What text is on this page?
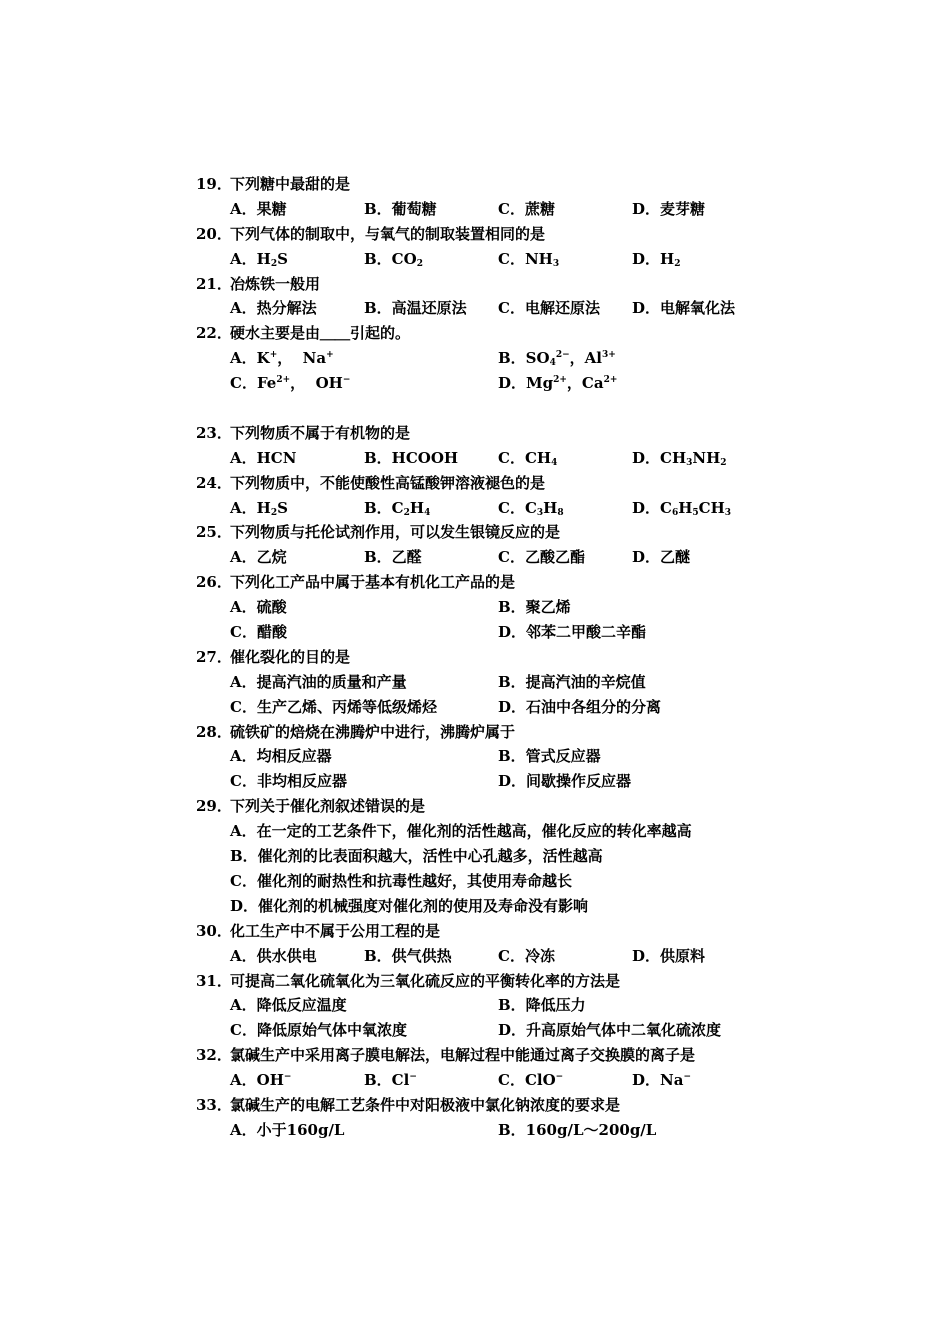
19．下列糖中最甜的是
A．果糖	B．葡萄糖	C．蔗糖	D．麦芽糖
20．下列气体的制取中，与氧气的制取装置相同的是
A．$H_2S$	B．$CO_2$	C．$NH_3$	D．$H_2$
21．冶炼铁一般用
A．热分解法	B．高温还原法 C．电解还原法 D．电解氧化法
22．硬水主要是由＿＿引起的。
A．K+，  Na+	B．$SO_4^{2-}$，$Al^{3+}$
C．$Fe^{2+}$，  OH−	D．$Mg^{2+}$，$Ca^{2+}$
23．下列物质不属于有机物的是
A．HCN	B．HCOOH	C．$CH_4$	D．$CH_3NH_2$
24．下列物质中，不能使酸性高锰酸钾溶液褪色的是
A．$H_2S$	B．$C_2H_4$	C．$C_3H_8$	D．$C_6H_5CH_3$
25．下列物质与托伦试剂作用，可以发生银镜反应的是
A．乙烷	B．乙醛	C．乙酸乙酯	D．乙醚
26．下列化工产品中属于基本有机化工产品的是
A．硫酸	B．聚乙烯
C．醋酸	D．邻苯二甲酸二辛酯
27．催化裂化的目的是
A．提高汽油的质量和产量	B．提高汽油的辛烷值
C．生产乙烯、丙烯等低级烯烃	D．石油中各组分的分离
28．硫铁矿的焙烧在沸腾炉中进行，沸腾炉属于
A．均相反应器	B．管式反应器
C．非均相反应器	D．间歇操作反应器
29．下列关于催化剂叙述错误的是
A．在一定的工艺条件下，催化剂的活性越高，催化反应的转化率越高
B．催化剂的比表面积越大，活性中心孔越多，活性越高
C．催化剂的耐热性和抗毒性越好，其使用寿命越长
D．催化剂的机械强度对催化剂的使用及寿命没有影响
30．化工生产中不属于公用工程的是
A．供水供电	B．供气供热	C．冷冻	D．供原料
31．可提高二氧化硫氧化为三氧化硫反应的平衡转化率的方法是
A．降低反应温度	B．降低压力
C．降低原始气体中氧浓度	D．升高原始气体中二氧化硫浓度
32．氯碱生产中采用离子膜电解法，电解过程中能通过离子交换膜的离子是
A．OH−	B．Cl−	C．ClO−	D．Na−
33．氯碱生产的电解工艺条件中对阳极液中氯化钠浓度的要求是
A．小于160g/L	B．160g/L～200g/L
